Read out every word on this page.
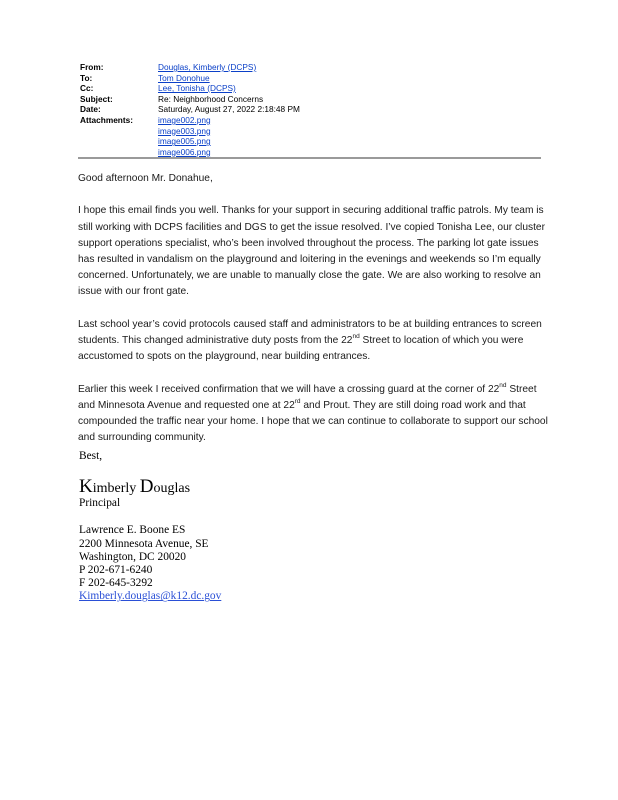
From:	Douglas, Kimberly (DCPS)
To:	Tom Donohue
Cc:	Lee, Tonisha (DCPS)
Subject:	Re: Neighborhood Concerns
Date:	Saturday, August 27, 2022 2:18:48 PM
Attachments:	image002.png
image003.png
image005.png
image006.png

Good afternoon Mr. Donahue,

I hope this email finds you well. Thanks for your support in securing additional traffic patrols. My team is still working with DCPS facilities and DGS to get the issue resolved. I’ve copied Tonisha Lee, our cluster support operations specialist, who’s been involved throughout the process. The parking lot gate issues has resulted in vandalism on the playground and loitering in the evenings and weekends so I’m equally concerned. Unfortunately, we are unable to manually close the gate. We are also working to resolve an issue with our front gate.

Last school year’s covid protocols caused staff and administrators to be at building entrances to screen students. This changed administrative duty posts from the 22nd Street to location of which you were accustomed to spots on the playground, near building entrances.

Earlier this week I received confirmation that we will have a crossing guard at the corner of 22nd Street and Minnesota Avenue and requested one at 22rd and Prout. They are still doing road work and that compounded the traffic near your home. I hope that we can continue to collaborate to support our school and surrounding community.

Best,
Kimberly Douglas
Principal
Lawrence E. Boone ES
2200 Minnesota Avenue, SE
Washington, DC 20020
P 202-671-6240
F 202-645-3292
Kimberly.douglas@k12.dc.gov
